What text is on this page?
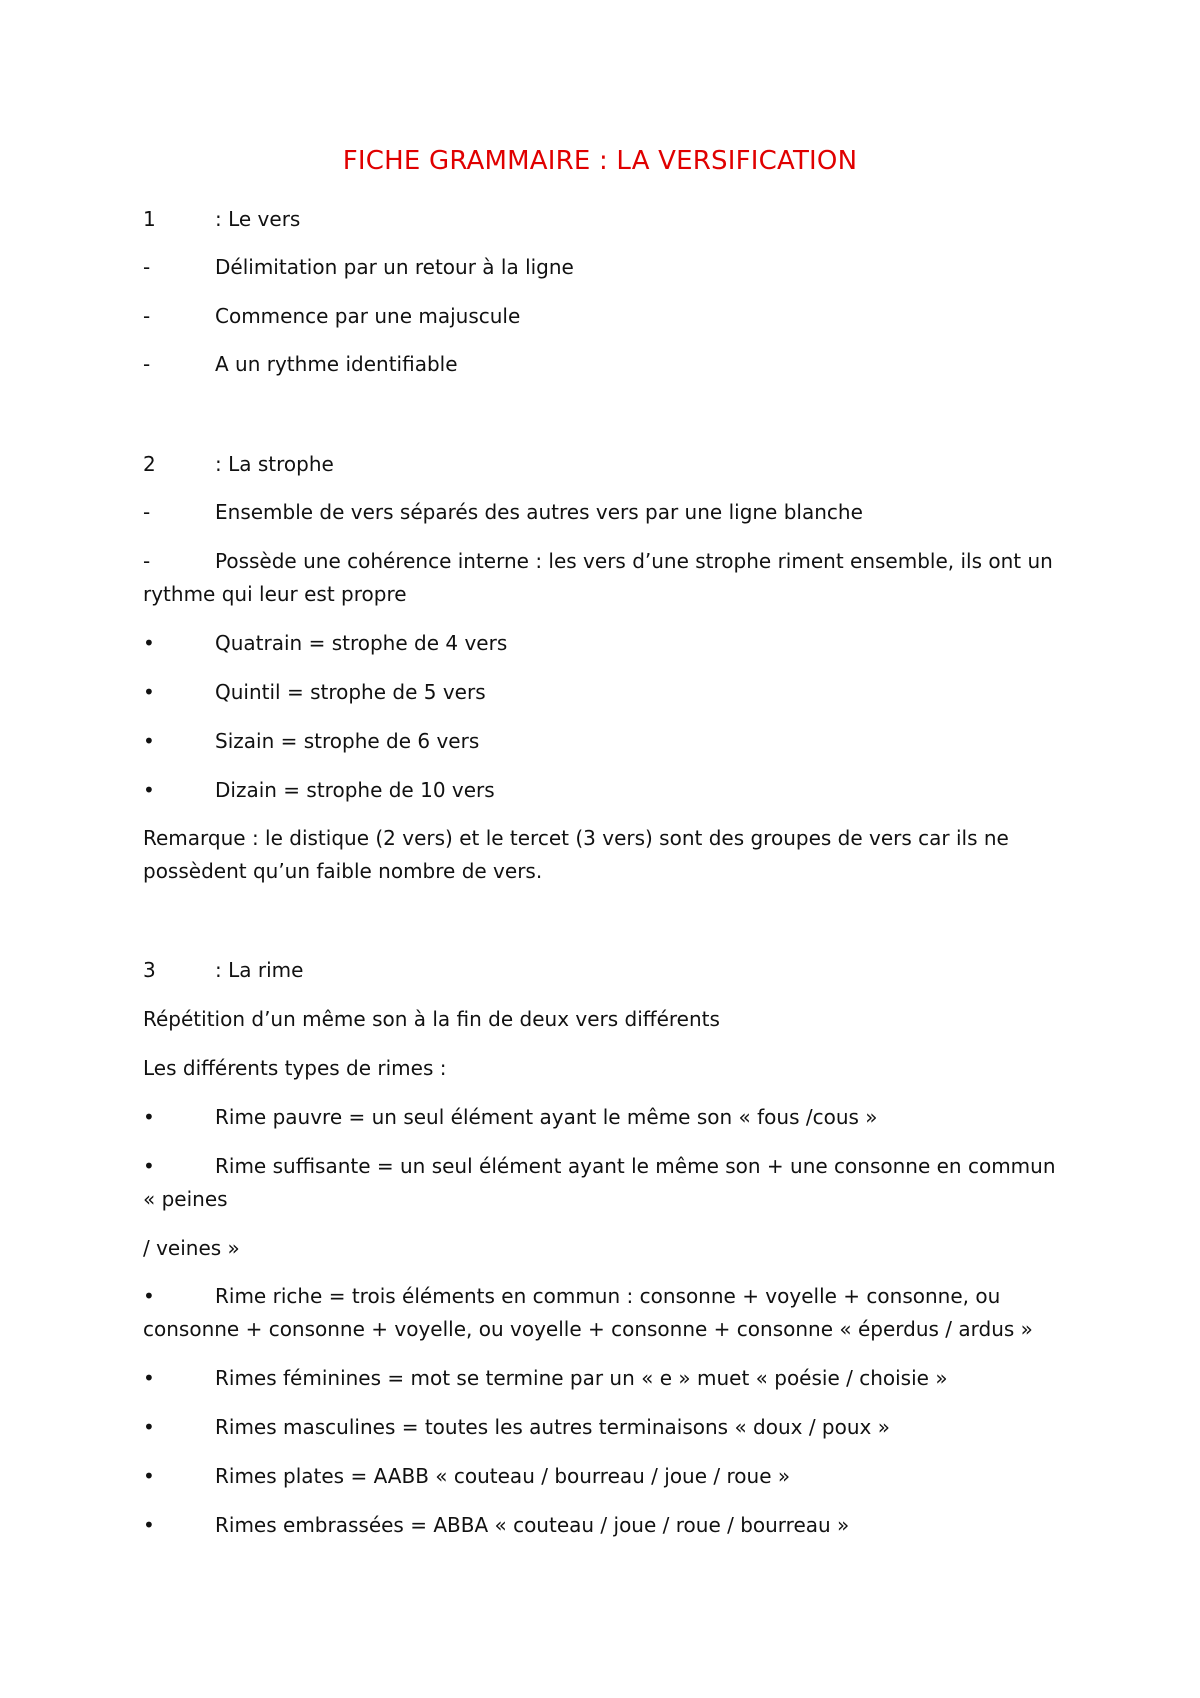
FICHE GRAMMAIRE : LA VERSIFICATION
1	: Le vers
-	Délimitation par un retour à la ligne
-	Commence par une majuscule
-	A un rythme identifiable
2	: La strophe
-	Ensemble de vers séparés des autres vers par une ligne blanche
-	Possède une cohérence interne : les vers d’une strophe riment ensemble, ils ont un rythme qui leur est propre
•	Quatrain = strophe de 4 vers
•	Quintil = strophe de 5 vers
•	Sizain = strophe de 6 vers
•	Dizain = strophe de 10 vers
Remarque : le distique (2 vers) et le tercet (3 vers) sont des groupes de vers car ils ne possèdent qu’un faible nombre de vers.
3	: La rime
Répétition d’un même son à la fin de deux vers différents
Les différents types de rimes :
•	Rime pauvre = un seul élément ayant le même son « fous /cous »
•	Rime suffisante = un seul élément ayant le même son + une consonne en commun « peines
/ veines »
•	Rime riche = trois éléments en commun : consonne + voyelle + consonne, ou consonne + consonne + voyelle, ou voyelle + consonne + consonne « éperdus / ardus »
•	Rimes féminines = mot se termine par un « e » muet « poésie / choisie »
•	Rimes masculines = toutes les autres terminaisons « doux / poux »
•	Rimes plates = AABB « couteau / bourreau / joue / roue »
•	Rimes embrassées = ABBA « couteau / joue / roue / bourreau »
